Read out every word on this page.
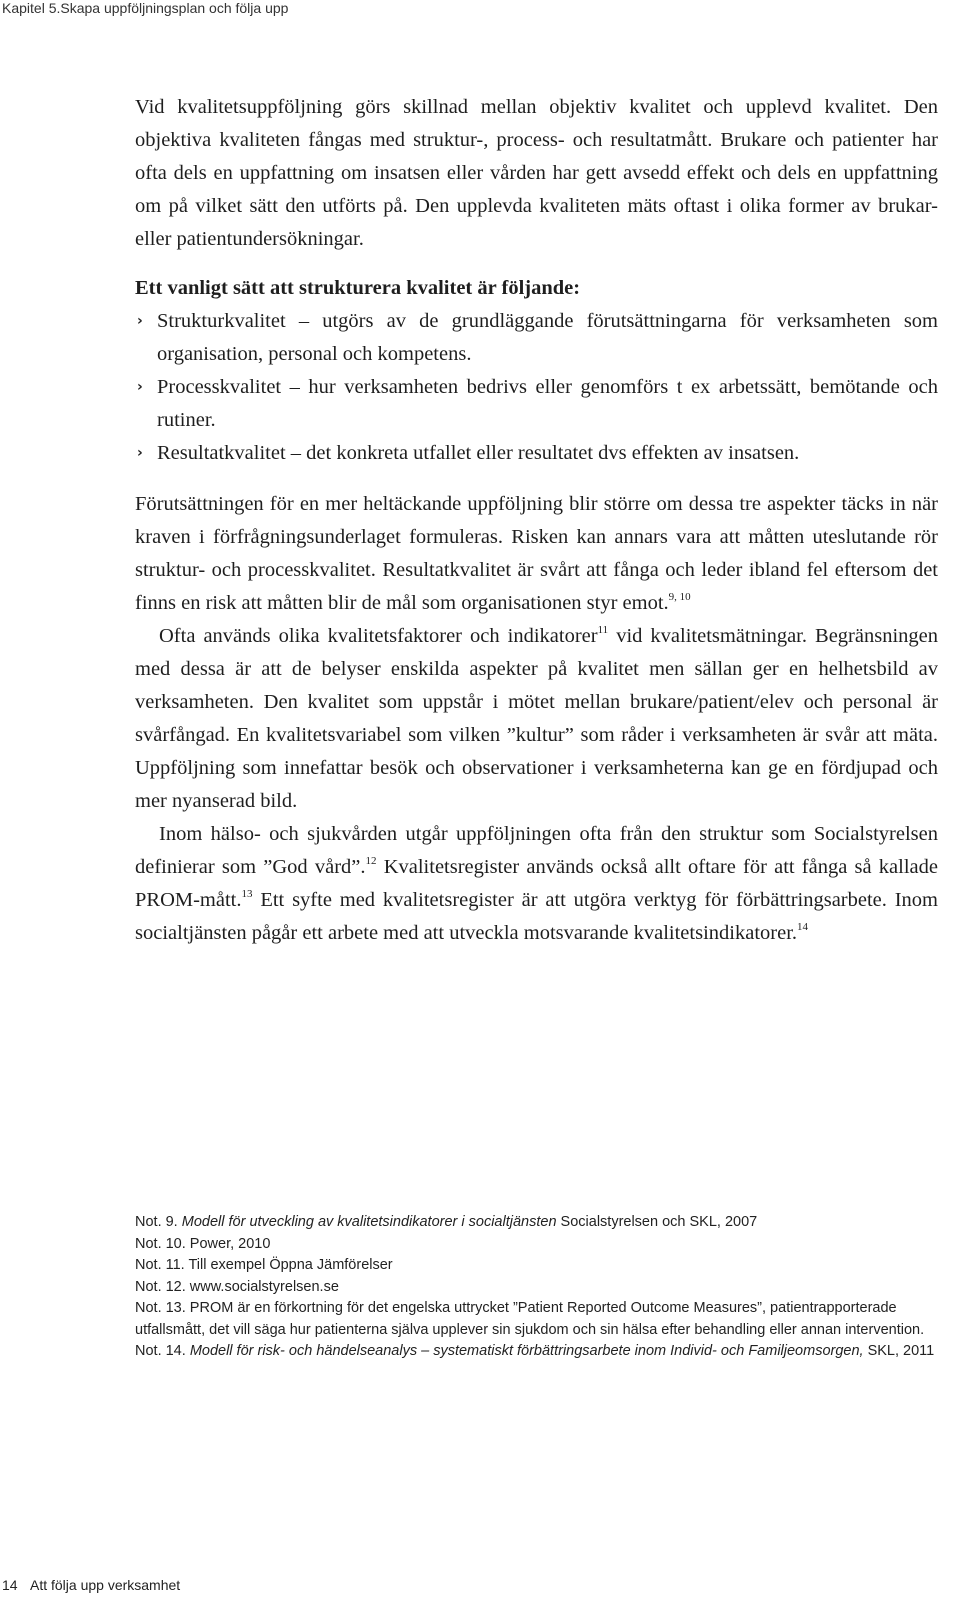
Kapitel 5.Skapa uppföljningsplan och följa upp

Vid kvalitetsuppföljning görs skillnad mellan objektiv kvalitet och upplevd kvalitet. Den objektiva kvaliteten fångas med struktur-, process- och resultatmått. Brukare och patienter har ofta dels en uppfattning om insatsen eller vården har gett avsedd effekt och dels en uppfattning om på vilket sätt den utförts på. Den upplevda kvaliteten mäts oftast i olika former av brukar- eller patientundersökningar.

Ett vanligt sätt att strukturera kvalitet är följande:

› Strukturkvalitet – utgörs av de grundläggande förutsättningarna för verksamheten som organisation, personal och kompetens.
› Processkvalitet – hur verksamheten bedrivs eller genomförs t ex arbetssätt, bemötande och rutiner.
› Resultatkvalitet – det konkreta utfallet eller resultatet dvs effekten av insatsen.

Förutsättningen för en mer heltäckande uppföljning blir större om dessa tre aspekter täcks in när kraven i förfrågningsunderlaget formuleras. Risken kan annars vara att måtten uteslutande rör struktur- och processkvalitet. Resultatkvalitet är svårt att fånga och leder ibland fel eftersom det finns en risk att måtten blir de mål som organisationen styr emot.$^{9, 10}$

Ofta används olika kvalitetsfaktorer och indikatorer$^{11}$ vid kvalitetsmätningar. Begränsningen med dessa är att de belyser enskilda aspekter på kvalitet men sällan ger en helhetsbild av verksamheten. Den kvalitet som uppstår i mötet mellan brukare/patient/elev och personal är svårfångad. En kvalitetsvariabel som vilken ”kultur” som råder i verksamheten är svår att mäta. Uppföljning som innefattar besök och observationer i verksamheterna kan ge en fördjupad och mer nyanserad bild.

Inom hälso- och sjukvården utgår uppföljningen ofta från den struktur som Socialstyrelsen definierar som ”God vård”.$^{12}$ Kvalitetsregister används också allt oftare för att fånga så kallade PROM-mått.$^{13}$ Ett syfte med kvalitetsregister är att utgöra verktyg för förbättringsarbete. Inom socialtjänsten pågår ett arbete med att utveckla motsvarande kvalitetsindikatorer.$^{14}$

Not. 9. Modell för utveckling av kvalitetsindikatorer i socialtjänsten Socialstyrelsen och SKL, 2007

Not. 10. Power, 2010

Not. 11. Till exempel Öppna Jämförelser

Not. 12. www.socialstyrelsen.se

Not. 13. PROM är en förkortning för det engelska uttrycket ”Patient Reported Outcome Measures”, patientrapporterade utfallsmått, det vill säga hur patienterna själva upplever sin sjukdom och sin hälsa efter behandling eller annan intervention.

Not. 14. Modell för risk- och händelseanalys – systematiskt förbättringsarbete inom Individ- och Familjeomsorgen, SKL, 2011

14 Att följa upp verksamhet
